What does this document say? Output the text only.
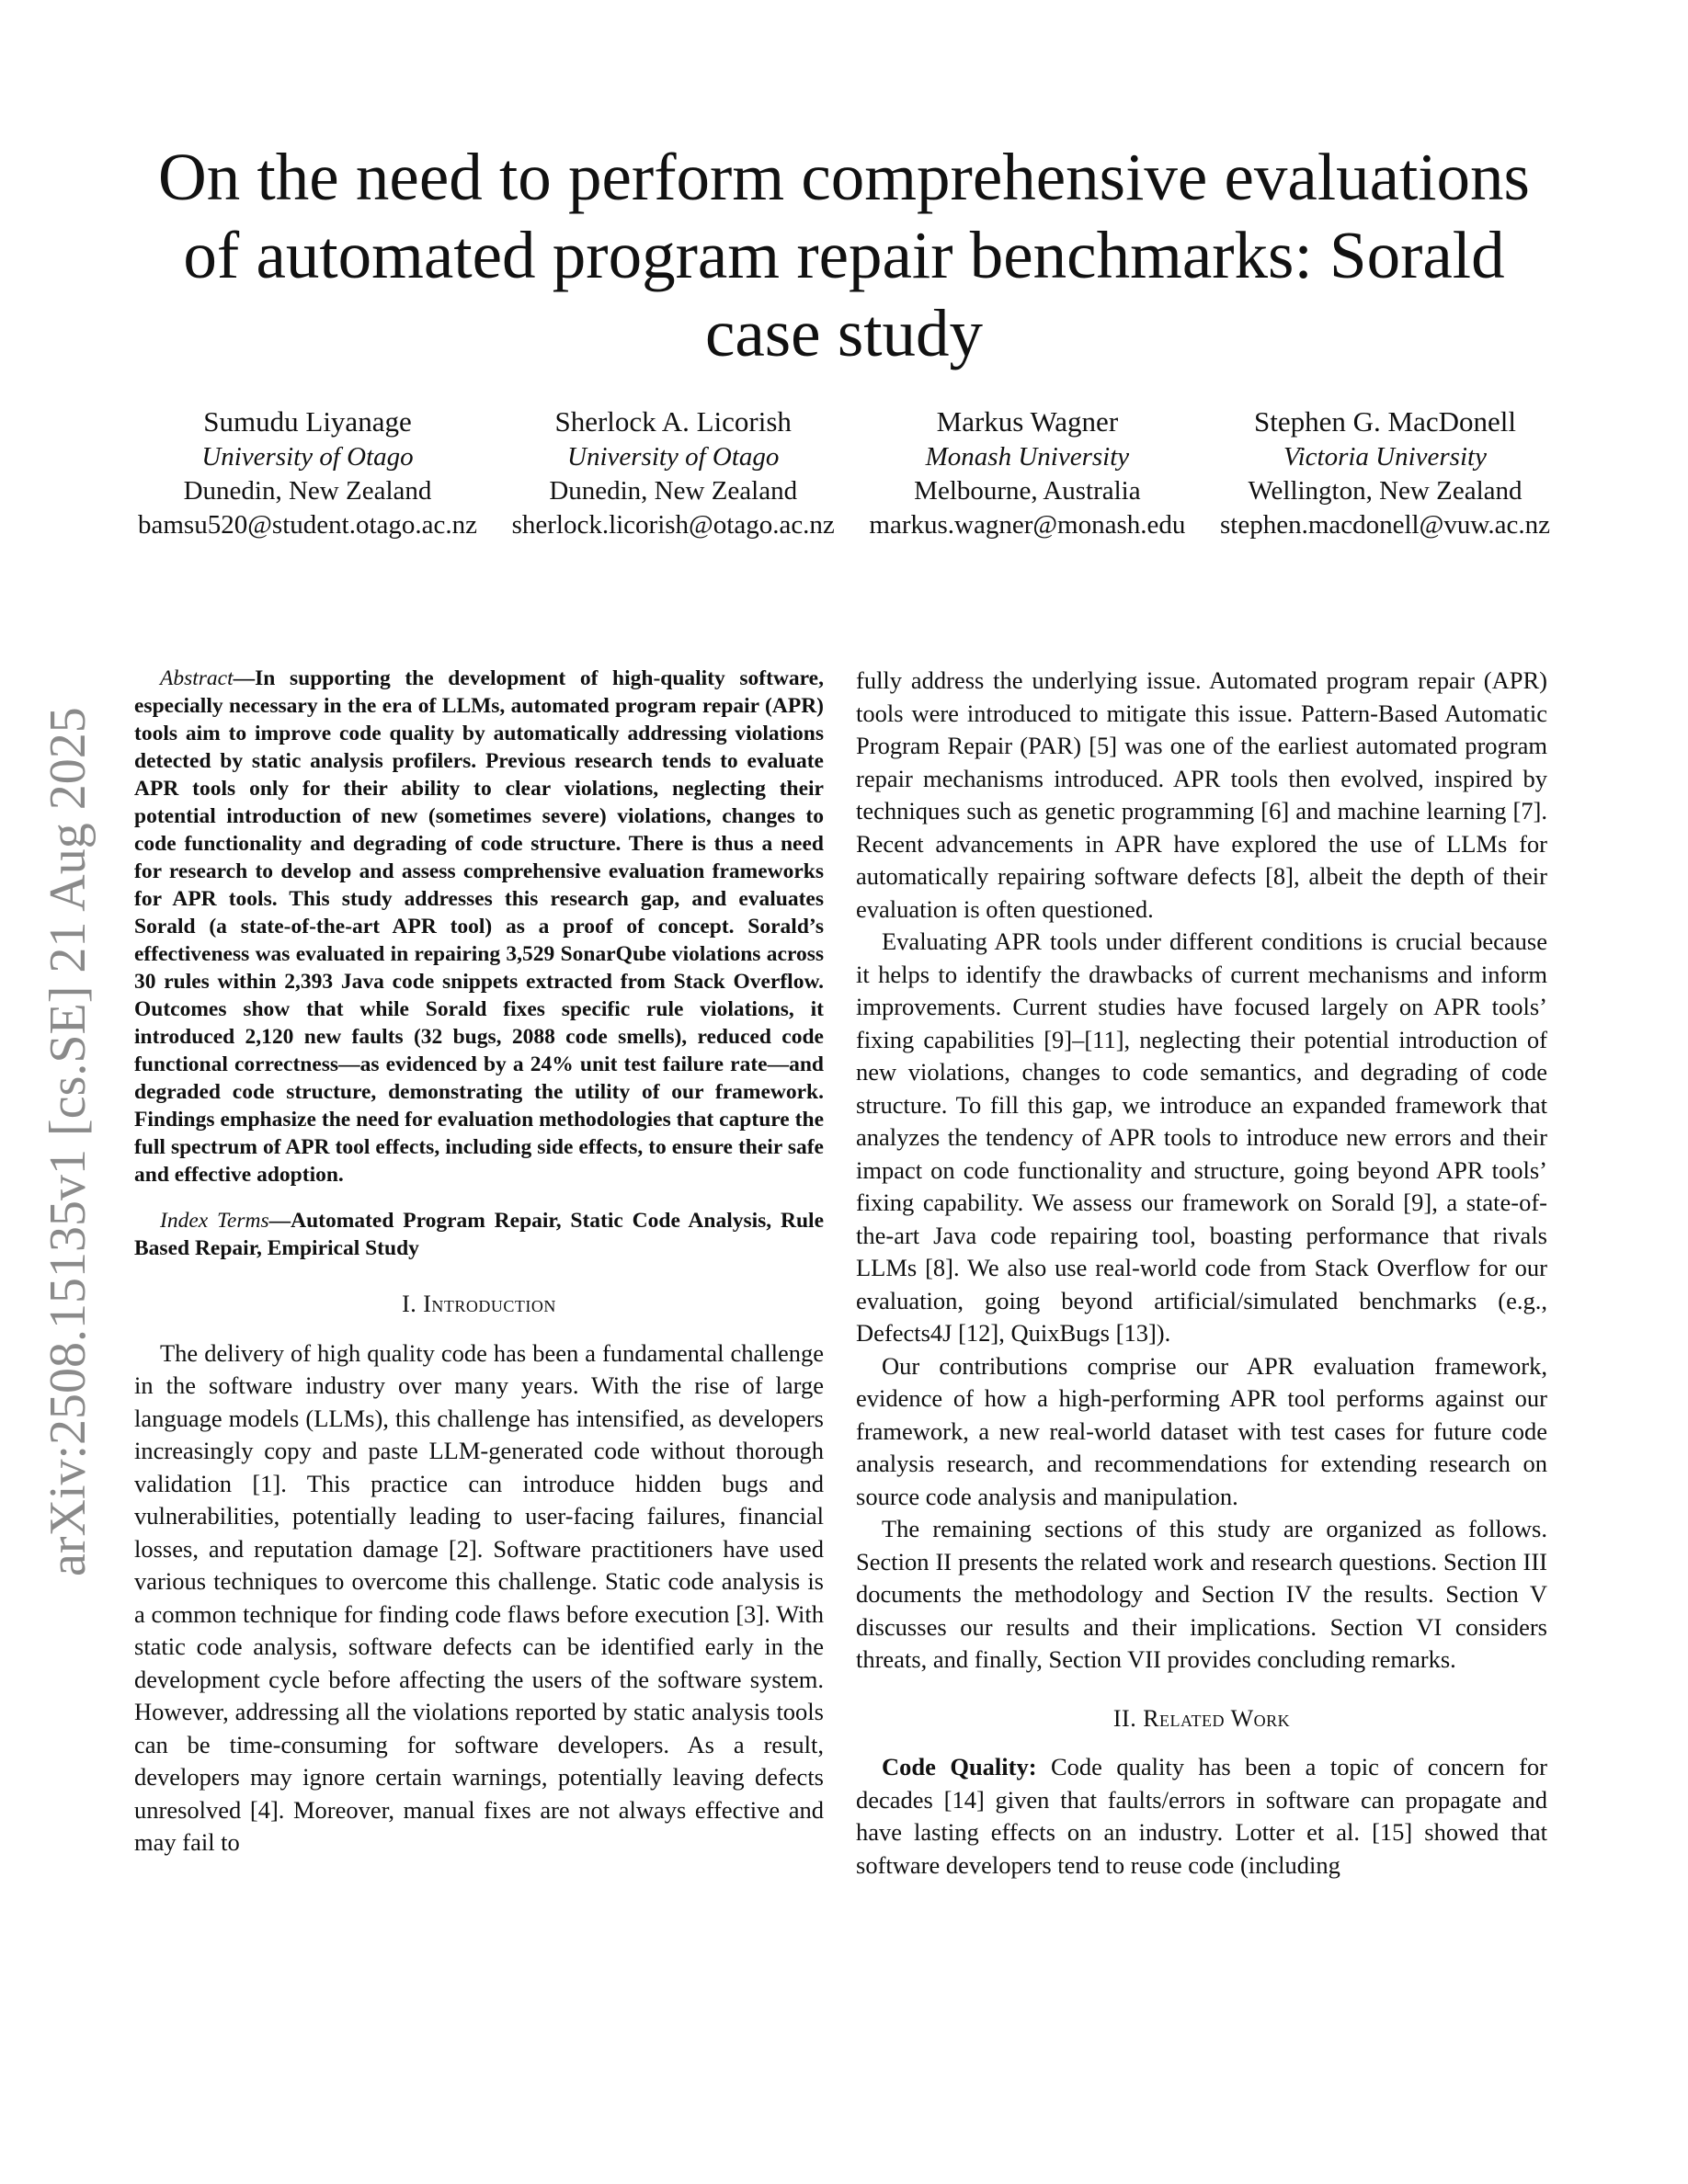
arXiv:2508.15135v1 [cs.SE] 21 Aug 2025
On the need to perform comprehensive evaluations of automated program repair benchmarks: Sorald case study
Sumudu Liyanage
University of Otago
Dunedin, New Zealand
bamsu520@student.otago.ac.nz
Sherlock A. Licorish
University of Otago
Dunedin, New Zealand
sherlock.licorish@otago.ac.nz
Markus Wagner
Monash University
Melbourne, Australia
markus.wagner@monash.edu
Stephen G. MacDonell
Victoria University
Wellington, New Zealand
stephen.macdonell@vuw.ac.nz

Abstract—In supporting the development of high-quality software, especially necessary in the era of LLMs, automated program repair (APR) tools aim to improve code quality by automatically addressing violations detected by static analysis profilers. Previous research tends to evaluate APR tools only for their ability to clear violations, neglecting their potential introduction of new (sometimes severe) violations, changes to code functionality and degrading of code structure. There is thus a need for research to develop and assess comprehensive evaluation frameworks for APR tools. This study addresses this research gap, and evaluates Sorald (a state-of-the-art APR tool) as a proof of concept. Sorald’s effectiveness was evaluated in repairing 3,529 SonarQube violations across 30 rules within 2,393 Java code snippets extracted from Stack Overflow. Outcomes show that while Sorald fixes specific rule violations, it introduced 2,120 new faults (32 bugs, 2088 code smells), reduced code functional correctness—as evidenced by a 24% unit test failure rate—and degraded code structure, demonstrating the utility of our framework. Findings emphasize the need for evaluation methodologies that capture the full spectrum of APR tool effects, including side effects, to ensure their safe and effective adoption.

Index Terms—Automated Program Repair, Static Code Analysis, Rule Based Repair, Empirical Study

I. Introduction

The delivery of high quality code has been a fundamental challenge in the software industry over many years. With the rise of large language models (LLMs), this challenge has intensified, as developers increasingly copy and paste LLM-generated code without thorough validation [1]. This practice can introduce hidden bugs and vulnerabilities, potentially leading to user-facing failures, financial losses, and reputation damage [2]. Software practitioners have used various techniques to overcome this challenge. Static code analysis is a common technique for finding code flaws before execution [3]. With static code analysis, software defects can be identified early in the development cycle before affecting the users of the software system. However, addressing all the violations reported by static analysis tools can be time-consuming for software developers. As a result, developers may ignore certain warnings, potentially leaving defects unresolved [4]. Moreover, manual fixes are not always effective and may fail to

fully address the underlying issue. Automated program repair (APR) tools were introduced to mitigate this issue. Pattern-Based Automatic Program Repair (PAR) [5] was one of the earliest automated program repair mechanisms introduced. APR tools then evolved, inspired by techniques such as genetic programming [6] and machine learning [7]. Recent advancements in APR have explored the use of LLMs for automatically repairing software defects [8], albeit the depth of their evaluation is often questioned.

Evaluating APR tools under different conditions is crucial because it helps to identify the drawbacks of current mechanisms and inform improvements. Current studies have focused largely on APR tools’ fixing capabilities [9]–[11], neglecting their potential introduction of new violations, changes to code semantics, and degrading of code structure. To fill this gap, we introduce an expanded framework that analyzes the tendency of APR tools to introduce new errors and their impact on code functionality and structure, going beyond APR tools’ fixing capability. We assess our framework on Sorald [9], a state-of-the-art Java code repairing tool, boasting performance that rivals LLMs [8]. We also use real-world code from Stack Overflow for our evaluation, going beyond artificial/simulated benchmarks (e.g., Defects4J [12], QuixBugs [13]).

Our contributions comprise our APR evaluation framework, evidence of how a high-performing APR tool performs against our framework, a new real-world dataset with test cases for future code analysis research, and recommendations for extending research on source code analysis and manipulation.

The remaining sections of this study are organized as follows. Section II presents the related work and research questions. Section III documents the methodology and Section IV the results. Section V discusses our results and their implications. Section VI considers threats, and finally, Section VII provides concluding remarks.

II. Related Work

Code Quality: Code quality has been a topic of concern for decades [14] given that faults/errors in software can propagate and have lasting effects on an industry. Lotter et al. [15] showed that software developers tend to reuse code (including
